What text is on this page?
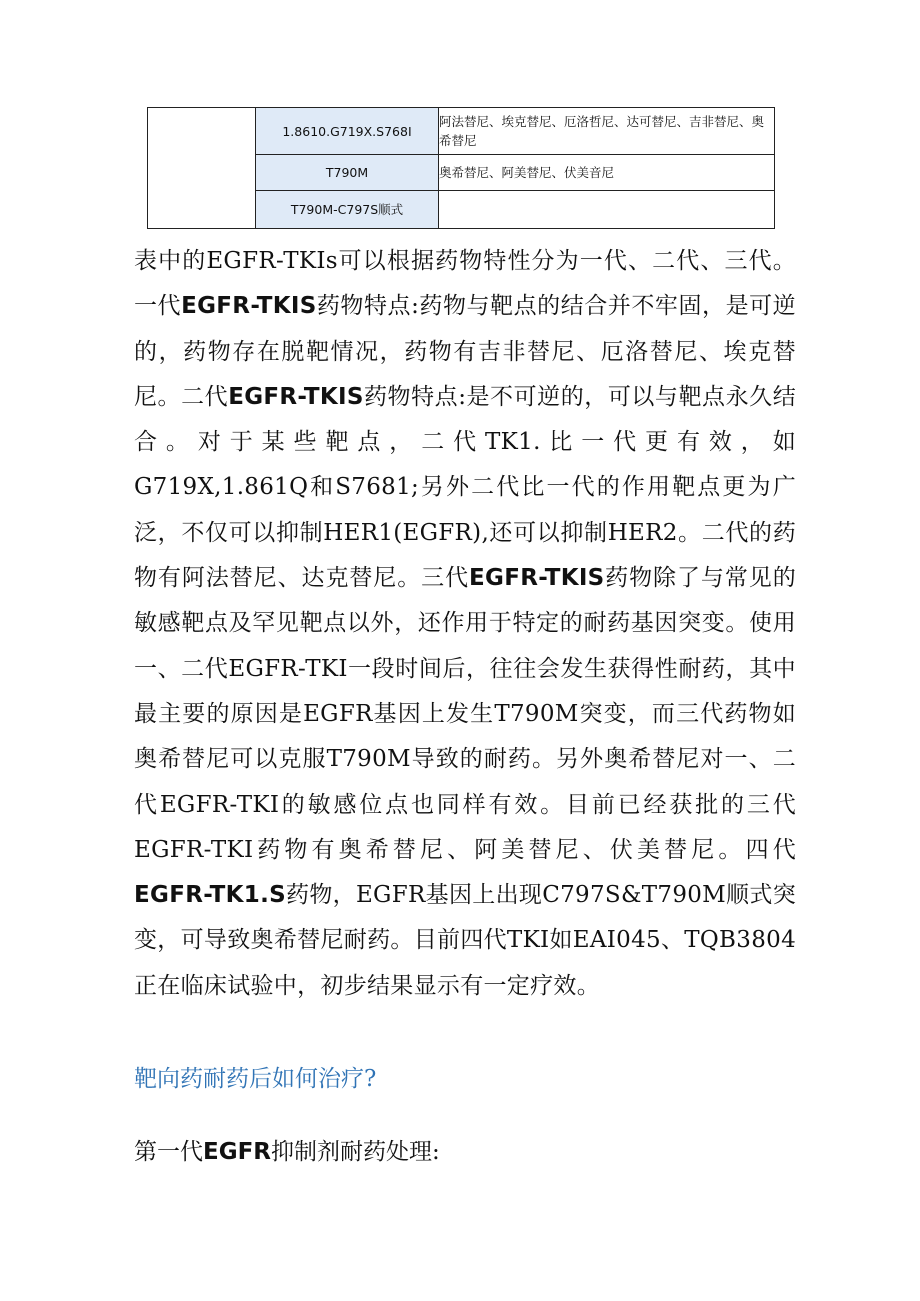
	1.8610.G719X.S768I	阿法替尼、埃克替尼、厄洛哲尼、达可替尼、吉非替尼、奥希替尼
	T790M	奥希替尼、阿美替尼、伏美音尼
	T790M-C797S顺式	

表中的EGFR-TKIs可以根据药物特性分为一代、二代、三代。一代EGFR-TKIS药物特点:药物与靶点的结合并不牢固，是可逆的，药物存在脱靶情况，药物有吉非替尼、厄洛替尼、埃克替尼。二代EGFR-TKIS药物特点:是不可逆的，可以与靶点永久结合。对于某些靶点，二代TK1.比一代更有效，如G719X,1.861Q和S7681;另外二代比一代的作用靶点更为广泛，不仅可以抑制HER1(EGFR),还可以抑制HER2。二代的药物有阿法替尼、达克替尼。三代EGFR-TKIS药物除了与常见的敏感靶点及罕见靶点以外，还作用于特定的耐药基因突变。使用一、二代EGFR-TKI一段时间后，往往会发生获得性耐药，其中最主要的原因是EGFR基因上发生T790M突变，而三代药物如奥希替尼可以克服T790M导致的耐药。另外奥希替尼对一、二代EGFR-TKI的敏感位点也同样有效。目前已经获批的三代EGFR-TKI药物有奥希替尼、阿美替尼、伏美替尼。四代EGFR-TK1.S药物，EGFR基因上出现C797S&T790M顺式突变，可导致奥希替尼耐药。目前四代TKI如EAI045、TQB3804正在临床试验中，初步结果显示有一定疗效。

靶向药耐药后如何治疗?

第一代EGFR抑制剂耐药处理:
